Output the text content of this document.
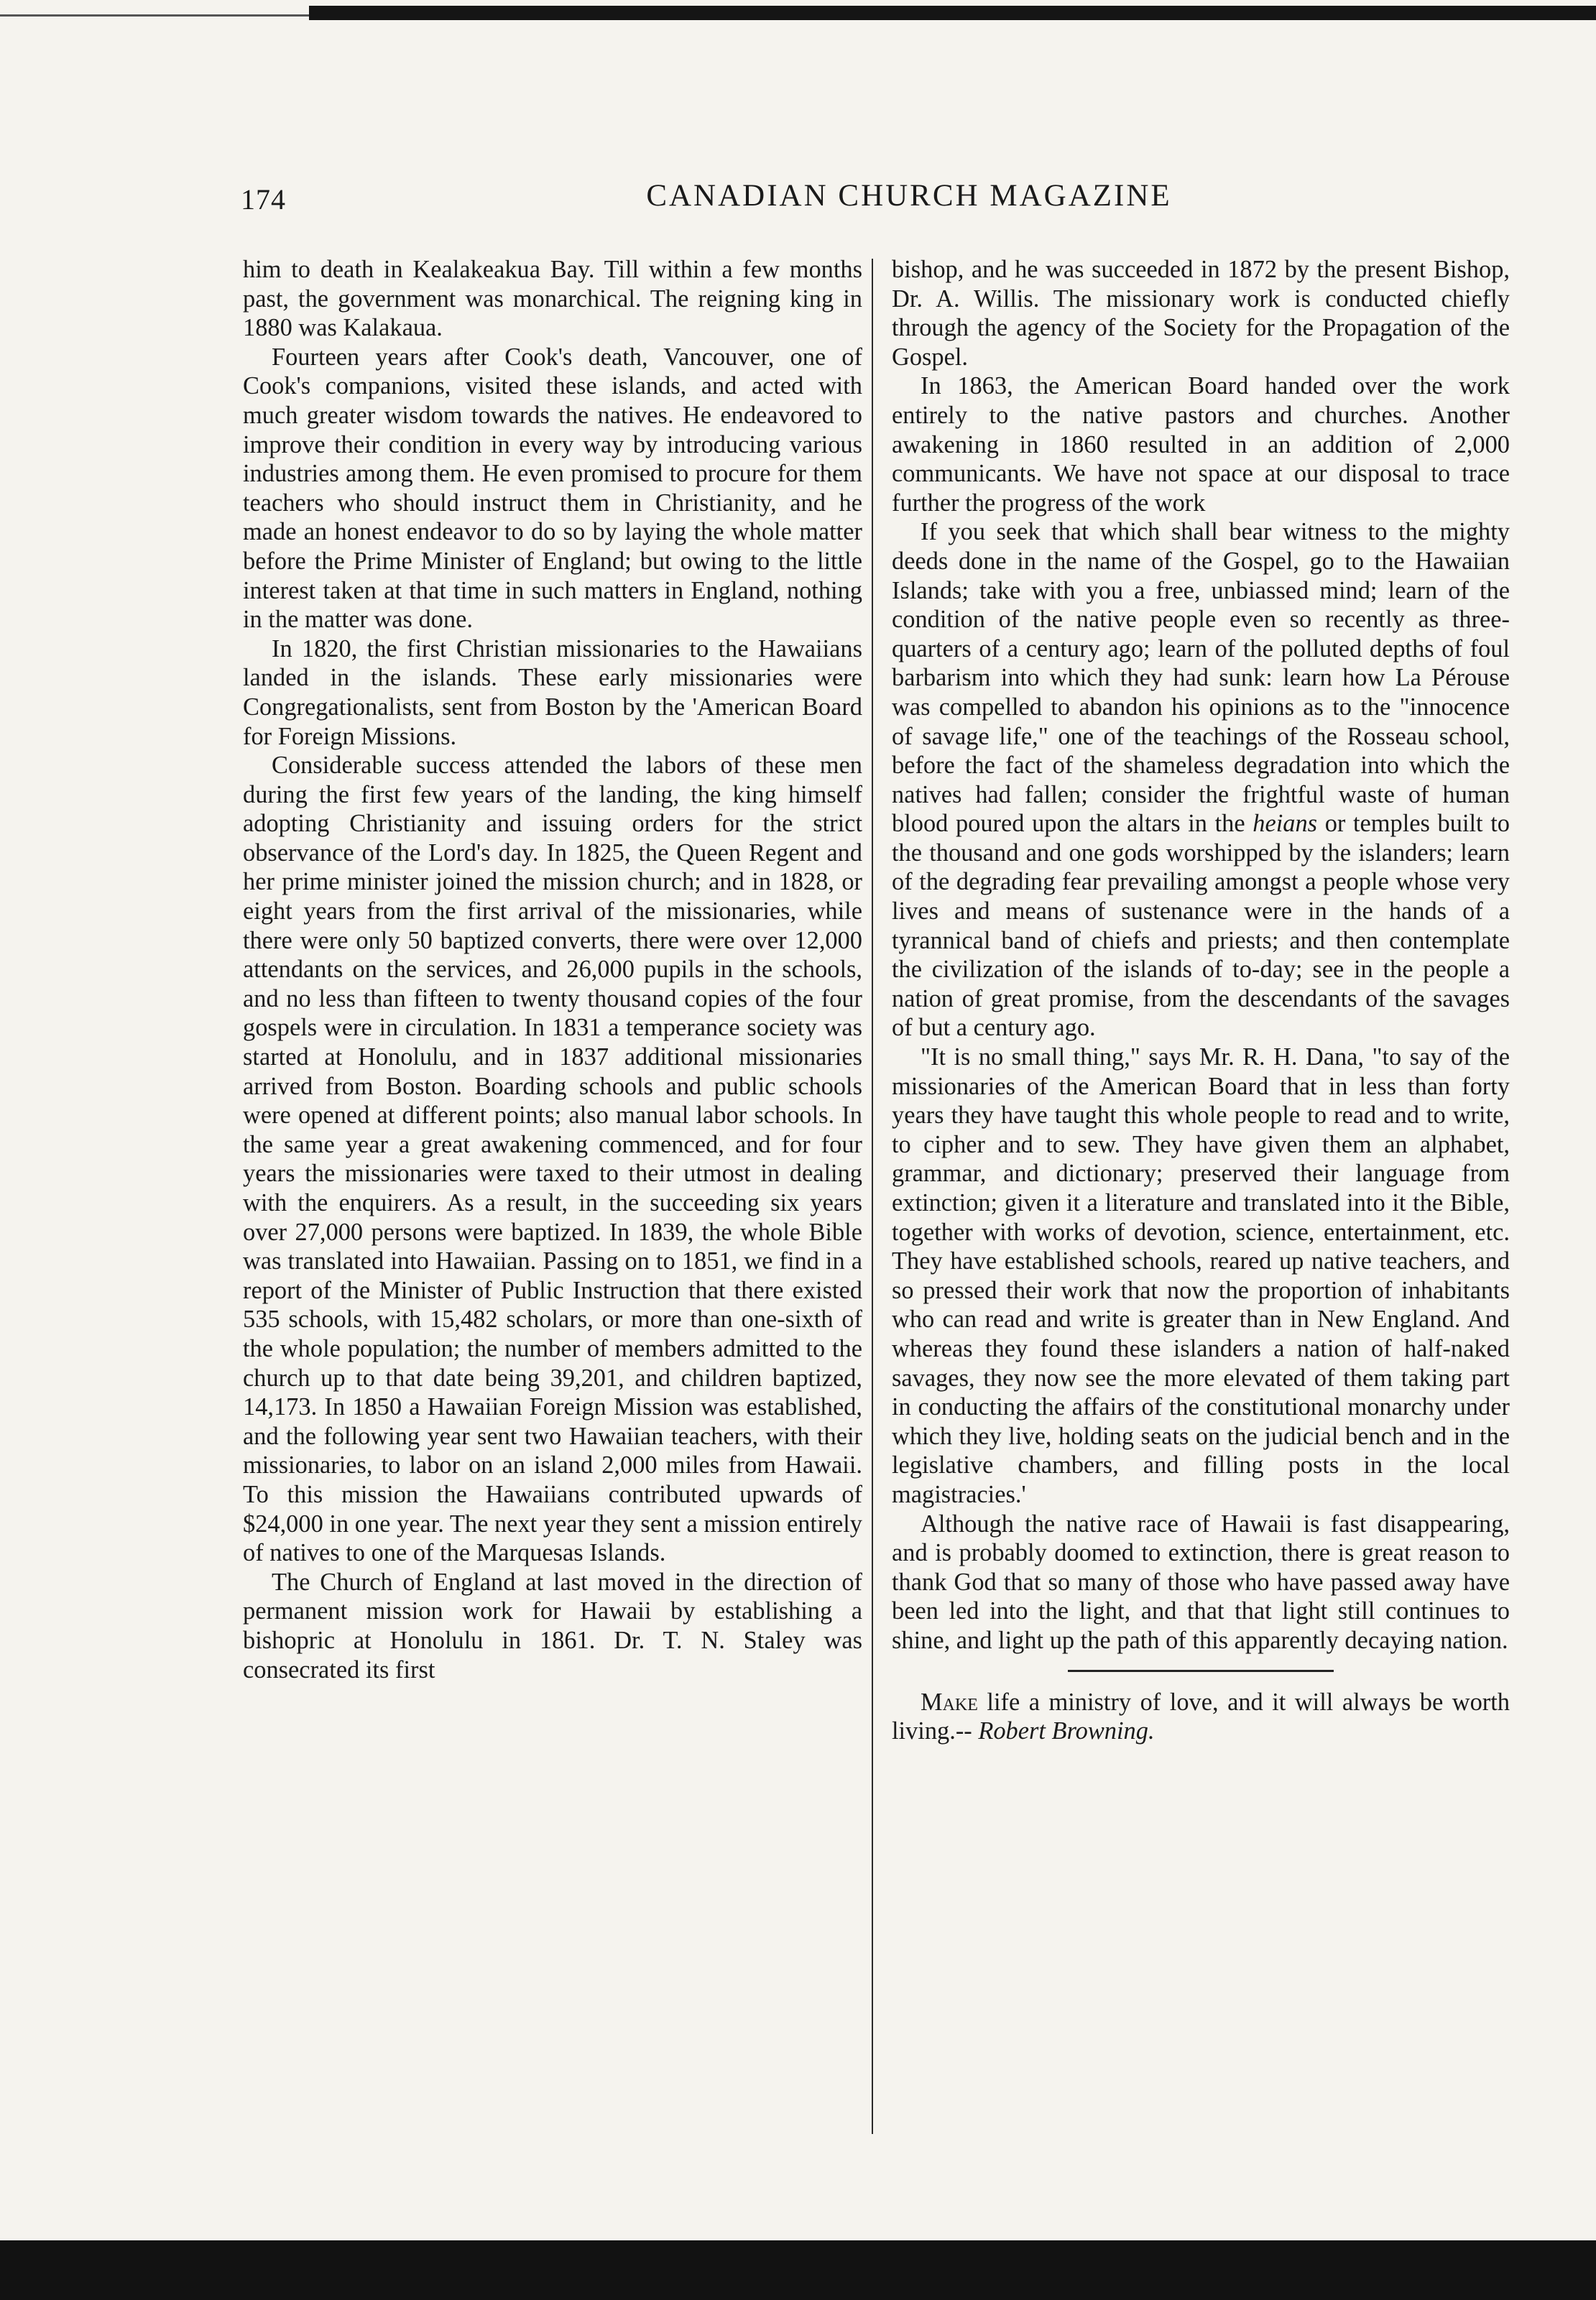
174	CANADIAN CHURCH MAGAZINE

him to death in Kealakeakua Bay. Till within a few months past, the government was monarchical. The reigning king in 1880 was Kalakaua.

Fourteen years after Cook's death, Vancouver, one of Cook's companions, visited these islands, and acted with much greater wisdom towards the natives. He endeavored to improve their condition in every way by introducing various industries among them. He even promised to procure for them teachers who should instruct them in Christianity, and he made an honest endeavor to do so by laying the whole matter before the Prime Minister of England; but owing to the little interest taken at that time in such matters in England, nothing in the matter was done.

In 1820, the first Christian missionaries to the Hawaiians landed in the islands. These early missionaries were Congregationalists, sent from Boston by the 'American Board for Foreign Missions.

Considerable success attended the labors of these men during the first few years of the landing, the king himself adopting Christianity and issuing orders for the strict observance of the Lord's day. In 1825, the Queen Regent and her prime minister joined the mission church; and in 1828, or eight years from the first arrival of the missionaries, while there were only 50 baptized converts, there were over 12,000 attendants on the services, and 26,000 pupils in the schools, and no less than fifteen to twenty thousand copies of the four gospels were in circulation. In 1831 a temperance society was started at Honolulu, and in 1837 additional missionaries arrived from Boston. Boarding schools and public schools were opened at different points; also manual labor schools. In the same year a great awakening commenced, and for four years the missionaries were taxed to their utmost in dealing with the enquirers. As a result, in the succeeding six years over 27,000 persons were baptized. In 1839, the whole Bible was translated into Hawaiian. Passing on to 1851, we find in a report of the Minister of Public Instruction that there existed 535 schools, with 15,482 scholars, or more than one-sixth of the whole population; the number of members admitted to the church up to that date being 39,201, and children baptized, 14,173. In 1850 a Hawaiian Foreign Mission was established, and the following year sent two Hawaiian teachers, with their missionaries, to labor on an island 2,000 miles from Hawaii. To this mission the Hawaiians contributed upwards of $24,000 in one year. The next year they sent a mission entirely of natives to one of the Marquesas Islands.

The Church of England at last moved in the direction of permanent mission work for Hawaii by establishing a bishopric at Honolulu in 1861. Dr. T. N. Staley was consecrated its first

bishop, and he was succeeded in 1872 by the present Bishop, Dr. A. Willis. The missionary work is conducted chiefly through the agency of the Society for the Propagation of the Gospel.

In 1863, the American Board handed over the work entirely to the native pastors and churches. Another awakening in 1860 resulted in an addition of 2,000 communicants. We have not space at our disposal to trace further the progress of the work

If you seek that which shall bear witness to the mighty deeds done in the name of the Gospel, go to the Hawaiian Islands; take with you a free, unbiassed mind; learn of the condition of the native people even so recently as three-quarters of a century ago; learn of the polluted depths of foul barbarism into which they had sunk: learn how La Pérouse was compelled to abandon his opinions as to the "innocence of savage life," one of the teachings of the Rosseau school, before the fact of the shameless degradation into which the natives had fallen; consider the frightful waste of human blood poured upon the altars in the heians or temples built to the thousand and one gods worshipped by the islanders; learn of the degrading fear prevailing amongst a people whose very lives and means of sustenance were in the hands of a tyrannical band of chiefs and priests; and then contemplate the civilization of the islands of to-day; see in the people a nation of great promise, from the descendants of the savages of but a century ago.

"It is no small thing," says Mr. R. H. Dana, "to say of the missionaries of the American Board that in less than forty years they have taught this whole people to read and to write, to cipher and to sew. They have given them an alphabet, grammar, and dictionary; preserved their language from extinction; given it a literature and translated into it the Bible, together with works of devotion, science, entertainment, etc. They have established schools, reared up native teachers, and so pressed their work that now the proportion of inhabitants who can read and write is greater than in New England. And whereas they found these islanders a nation of half-naked savages, they now see the more elevated of them taking part in conducting the affairs of the constitutional monarchy under which they live, holding seats on the judicial bench and in the legislative chambers, and filling posts in the local magistracies.'

Although the native race of Hawaii is fast disappearing, and is probably doomed to extinction, there is great reason to thank God that so many of those who have passed away have been led into the light, and that that light still continues to shine, and light up the path of this apparently decaying nation.

Make life a ministry of love, and it will always be worth living.-- Robert Browning.
